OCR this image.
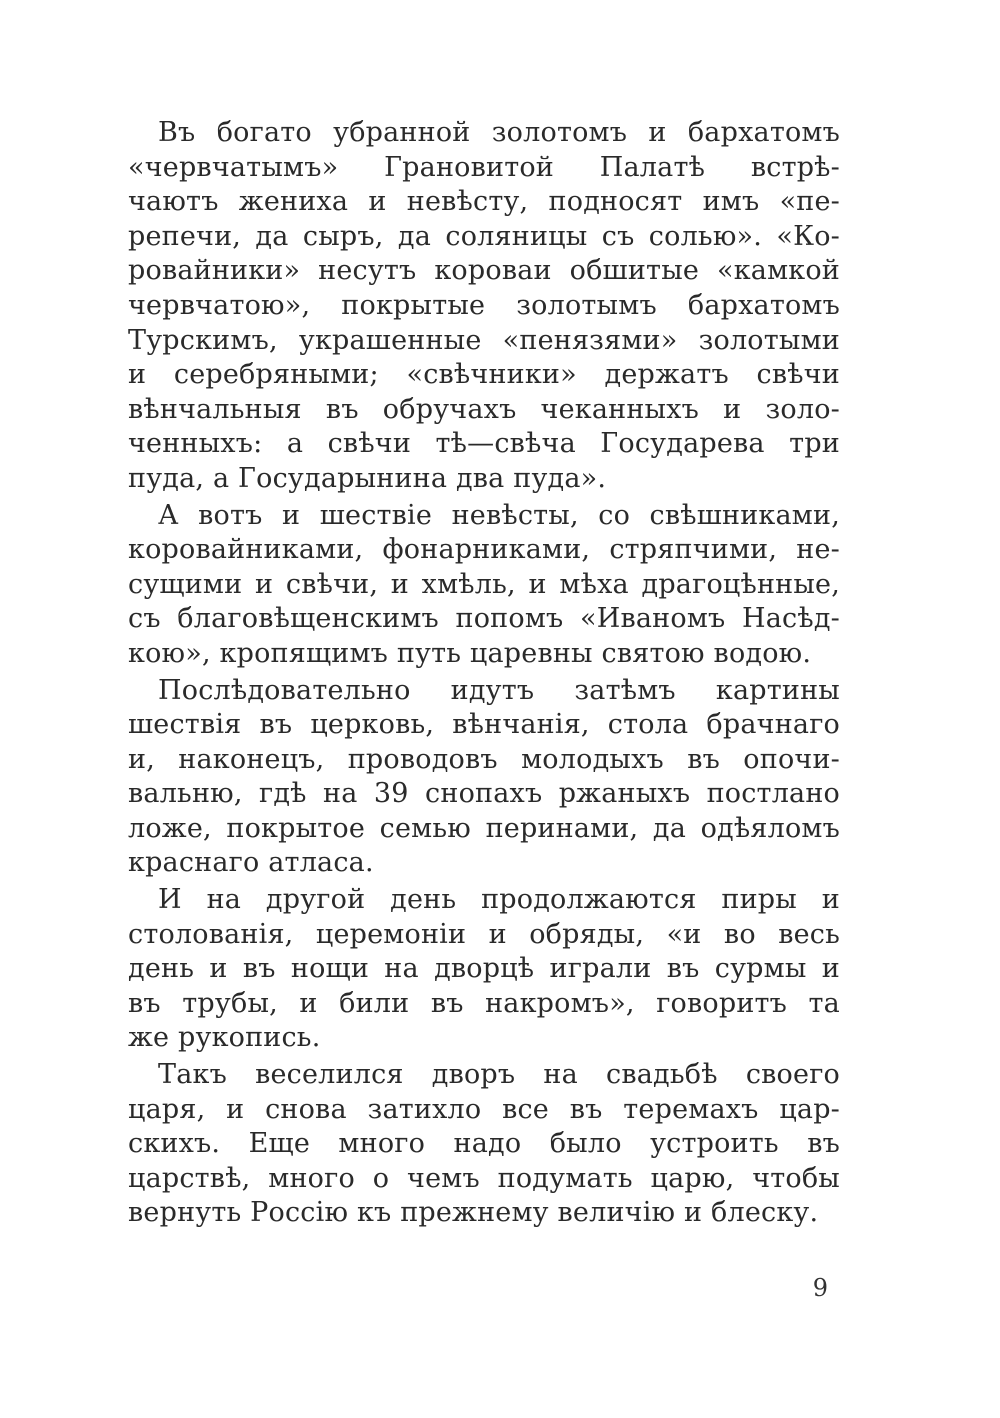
Въ богато убранной золотомъ и бархатомъ
«червчатымъ» Грановитой Палатѣ встрѣ-
чаютъ жениха и невѣсту, подносят имъ «пе-
репечи, да сыръ, да соляницы съ солью». «Ко-
ровайники» несутъ короваи обшитые «камкой
червчатою», покрытые золотымъ бархатомъ
Турскимъ, украшенные «пенязями» золотыми
и серебряными; «свѣчники» держатъ свѣчи
вѣнчальныя въ обручахъ чеканныхъ и золо-
ченныхъ: а свѣчи тѣ—свѣча Государева три
пуда, а Государынина два пуда».
А вотъ и шествіе невѣсты, со свѣшниками,
коровайниками, фонарниками, стряпчими, не-
сущими и свѣчи, и хмѣль, и мѣха драгоцѣнные,
съ благовѣщенскимъ попомъ «Иваномъ Насѣд-
кою», кропящимъ путь царевны святою водою.
Послѣдовательно идутъ затѣмъ картины
шествія въ церковь, вѣнчанія, стола брачнаго
и, наконецъ, проводовъ молодыхъ въ опочи-
вальню, гдѣ на 39 снопахъ ржаныхъ постлано
ложе, покрытое семью перинами, да одѣяломъ
краснаго атласа.
И на другой день продолжаются пиры и
столованія, церемоніи и обряды, «и во весь
день и въ нощи на дворцѣ играли въ сурмы и
въ трубы, и били въ накромъ», говоритъ та
же рукопись.
Такъ веселился дворъ на свадьбѣ своего
царя, и снова затихло все въ теремахъ цар-
скихъ. Еще много надо было устроить въ
царствѣ, много о чемъ подумать царю, чтобы
вернуть Россію къ прежнему величію и блеску.
9
